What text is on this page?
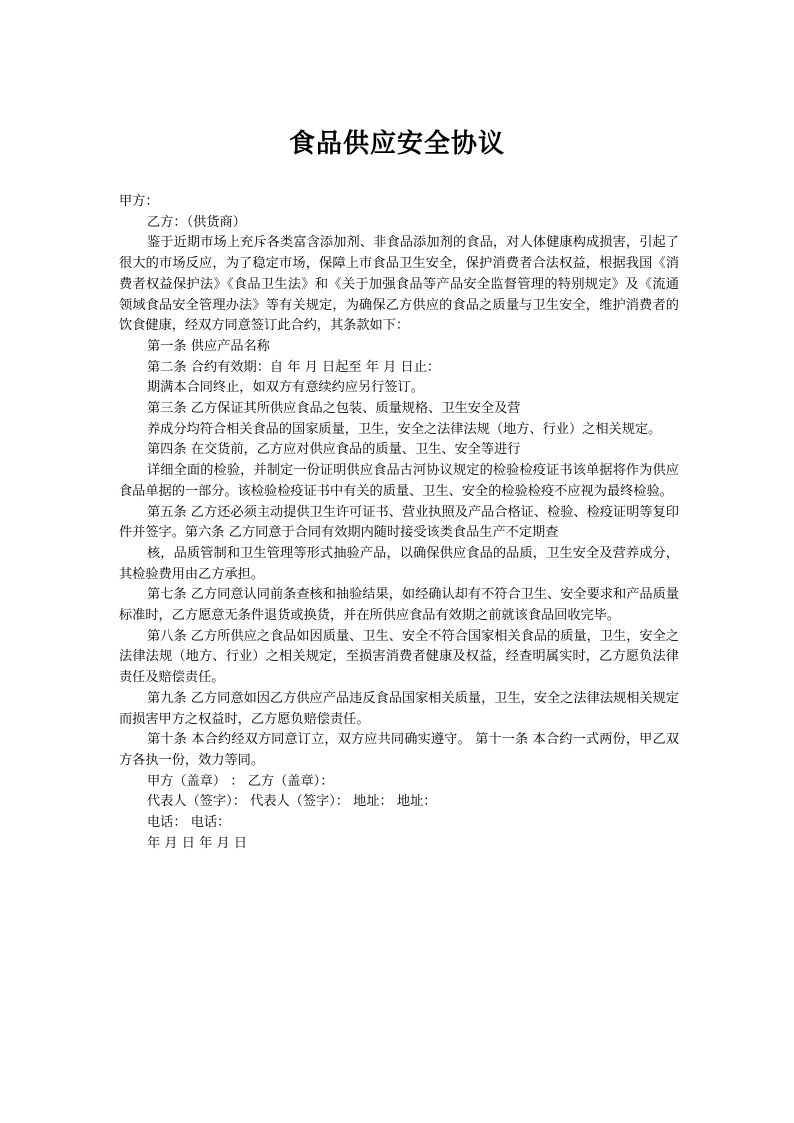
食品供应安全协议

甲方：

乙方：（供货商）

鉴于近期市场上充斥各类富含添加剂、非食品添加剂的食品，对人体健康构成损害，引起了很大的市场反应，为了稳定市场，保障上市食品卫生安全，保护消费者合法权益，根据我国《消费者权益保护法》《食品卫生法》和《关于加强食品等产品安全监督管理的特别规定》及《流通领域食品安全管理办法》等有关规定，为确保乙方供应的食品之质量与卫生安全，维护消费者的饮食健康，经双方同意签订此合约，其条款如下：

第一条 供应产品名称

第二条 合约有效期：自 年 月 日起至 年 月 日止：

期满本合同终止，如双方有意续约应另行签订。

第三条 乙方保证其所供应食品之包装、质量规格、卫生安全及营

养成分均符合相关食品的国家质量，卫生，安全之法律法规（地方、行业）之相关规定。

第四条 在交货前，乙方应对供应食品的质量、卫生、安全等进行

详细全面的检验，并制定一份证明供应食品古河协议规定的检验检疫证书该单据将作为供应食品单据的一部分。该检验检疫证书中有关的质量、卫生、安全的检验检疫不应视为最终检验。

第五条 乙方还必须主动提供卫生许可证书、营业执照及产品合格证、检验、检疫证明等复印件并签字。第六条 乙方同意于合同有效期内随时接受该类食品生产不定期查

核，品质管制和卫生管理等形式抽验产品，以确保供应食品的品质，卫生安全及营养成分，其检验费用由乙方承担。

第七条 乙方同意认同前条查核和抽验结果，如经确认却有不符合卫生、安全要求和产品质量标准时，乙方愿意无条件退货或换货，并在所供应食品有效期之前就该食品回收完毕。

第八条 乙方所供应之食品如因质量、卫生、安全不符合国家相关食品的质量，卫生，安全之法律法规（地方、行业）之相关规定，至损害消费者健康及权益，经查明属实时，乙方愿负法律责任及赔偿责任。

第九条 乙方同意如因乙方供应产品违反食品国家相关质量，卫生，安全之法律法规相关规定而损害甲方之权益时，乙方愿负赔偿责任。

第十条 本合约经双方同意订立，双方应共同确实遵守。 第十一条 本合约一式两份，甲乙双方各执一份，效力等同。

甲方（盖章） ： 乙方（盖章）：

代表人（签字）： 代表人（签字）： 地址： 地址：

电话： 电话：

年 月 日 年 月 日
